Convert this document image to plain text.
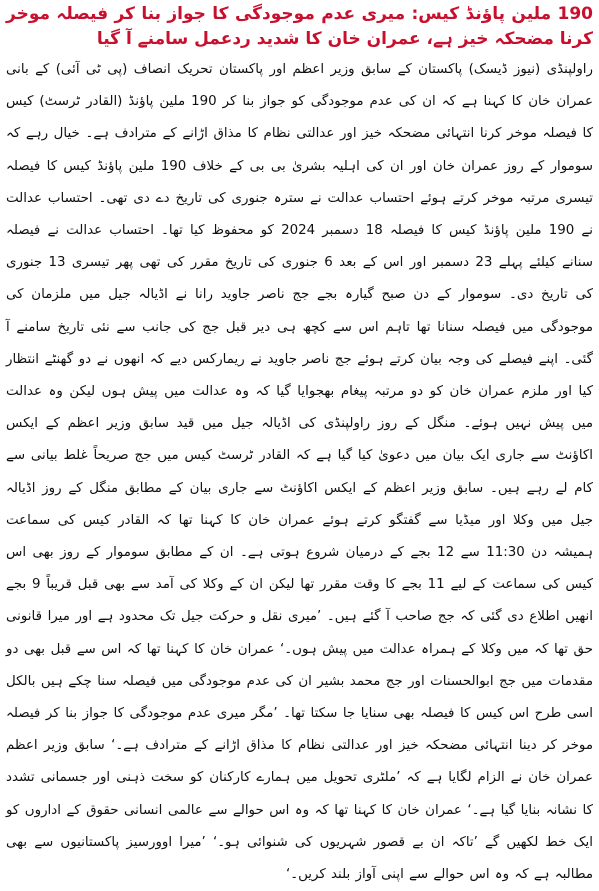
190 ملین پاؤنڈ کیس: میری عدم موجودگی کا جواز بنا کر فیصلہ موخر کرنا مضحکہ خیز ہے، عمران خان کا شدید ردعمل سامنے آ گیا

راولپنڈی (نیوز ڈیسک) پاکستان کے سابق وزیر اعظم اور پاکستان تحریک انصاف (پی ٹی آئی) کے بانی عمران خان کا کہنا ہے کہ ان کی عدم موجودگی کو جواز بنا کر 190 ملین پاؤنڈ (القادر ٹرسٹ) کیس کا فیصلہ موخر کرنا انتہائی مضحکہ خیز اور عدالتی نظام کا مذاق اڑانے کے مترادف ہے۔ خیال رہے کہ سوموار کے روز عمران خان اور ان کی اہلیہ بشریٰ بی بی کے خلاف 190 ملین پاؤنڈ کیس کا فیصلہ تیسری مرتبہ موخر کرتے ہوئے احتساب عدالت نے سترہ جنوری کی تاریخ دے دی تھی۔ احتساب عدالت نے 190 ملین پاؤنڈ کیس کا فیصلہ 18 دسمبر 2024 کو محفوظ کیا تھا۔ احتساب عدالت نے فیصلہ سنانے کیلئے پہلے 23 دسمبر اور اس کے بعد 6 جنوری کی تاریخ مقرر کی تھی پھر تیسری 13 جنوری کی تاریخ دی۔ سوموار کے دن صبح گیارہ بجے جج ناصر جاوید رانا نے اڈیالہ جیل میں ملزمان کی موجودگی میں فیصلہ سنانا تھا تاہم اس سے کچھ ہی دیر قبل جج کی جانب سے نئی تاریخ سامنے آ گئی۔ اپنے فیصلے کی وجہ بیان کرتے ہوئے جج ناصر جاوید نے ریمارکس دیے کہ انھوں نے دو گھنٹے انتظار کیا اور ملزم عمران خان کو دو مرتبہ پیغام بھجوایا گیا کہ وہ عدالت میں پیش ہوں لیکن وہ عدالت میں پیش نہیں ہوئے۔ منگل کے روز راولپنڈی کی اڈیالہ جیل میں قید سابق وزیر اعظم کے ایکس اکاؤنٹ سے جاری ایک بیان میں دعویٰ کیا گیا ہے کہ القادر ٹرسٹ کیس میں جج صریحاً غلط بیانی سے کام لے رہے ہیں۔ سابق وزیر اعظم کے ایکس اکاؤنٹ سے جاری بیان کے مطابق منگل کے روز اڈیالہ جیل میں وکلا اور میڈیا سے گفتگو کرتے ہوئے عمران خان کا کہنا تھا کہ القادر کیس کی سماعت ہمیشہ دن 11:30 سے 12 بجے کے درمیان شروع ہوتی ہے۔ ان کے مطابق سوموار کے روز بھی اس کیس کی سماعت کے لیے 11 بجے کا وقت مقرر تھا لیکن ان کے وکلا کی آمد سے بھی قبل قریباً 9 بجے انھیں اطلاع دی گئی کہ جج صاحب آ گئے ہیں۔ ’میری نقل و حرکت جیل تک محدود ہے اور میرا قانونی حق تھا کہ میں وکلا کے ہمراہ عدالت میں پیش ہوں۔‘ عمران خان کا کہنا تھا کہ اس سے قبل بھی دو مقدمات میں جج ابوالحسنات اور جج محمد بشیر ان کی عدم موجودگی میں فیصلہ سنا چکے ہیں بالکل اسی طرح اس کیس کا فیصلہ بھی سنایا جا سکتا تھا۔ ’مگر میری عدم موجودگی کا جواز بنا کر فیصلہ موخر کر دینا انتہائی مضحکہ خیز اور عدالتی نظام کا مذاق اڑانے کے مترادف ہے۔‘ سابق وزیر اعظم عمران خان نے الزام لگایا ہے کہ ’ملٹری تحویل میں ہمارے کارکنان کو سخت ذہنی اور جسمانی تشدد کا نشانہ بنایا گیا ہے۔‘ عمران خان کا کہنا تھا کہ وہ اس حوالے سے عالمی انسانی حقوق کے اداروں کو ایک خط لکھیں گے ’تاکہ ان بے قصور شہریوں کی شنوائی ہو۔‘ ’میرا اوورسیز پاکستانیوں سے بھی مطالبہ ہے کہ وہ اس حوالے سے اپنی آواز بلند کریں۔‘
